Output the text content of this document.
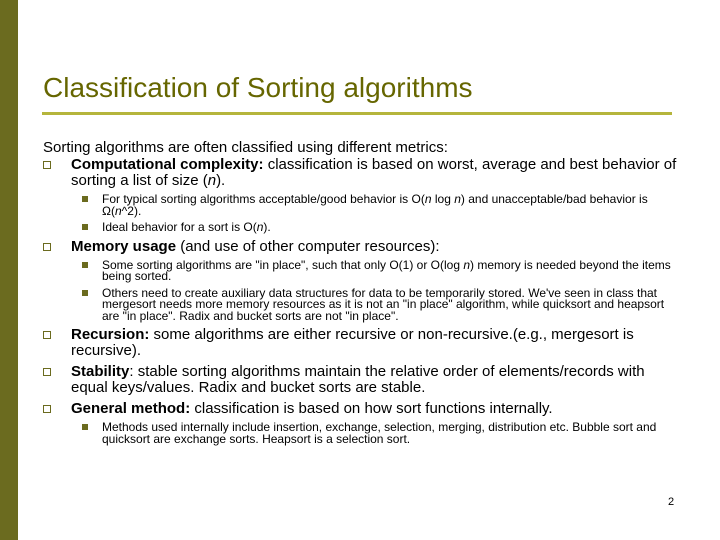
Classification of Sorting algorithms
Sorting algorithms are often classified using different metrics:
Computational complexity: classification is based on worst, average and best behavior of sorting a list of size (n).
For typical sorting algorithms acceptable/good behavior is O(n log n) and unacceptable/bad behavior is Ω(n^2).
Ideal behavior for a sort is O(n).
Memory usage (and use of other computer resources):
Some sorting algorithms are "in place", such that only O(1) or O(log n) memory is needed beyond the items being sorted.
Others need to create auxiliary data structures for data to be temporarily stored. We've seen in class that mergesort needs more memory resources as it is not an "in place" algorithm, while quicksort and heapsort are "in place". Radix and bucket sorts are not "in place".
Recursion: some algorithms are either recursive or non-recursive.(e.g., mergesort is recursive).
Stability: stable sorting algorithms maintain the relative order of elements/records with equal keys/values. Radix and bucket sorts are stable.
General method: classification is based on how sort functions internally.
Methods used internally include insertion, exchange, selection, merging, distribution etc. Bubble sort and quicksort are exchange sorts. Heapsort is a selection sort.
2
